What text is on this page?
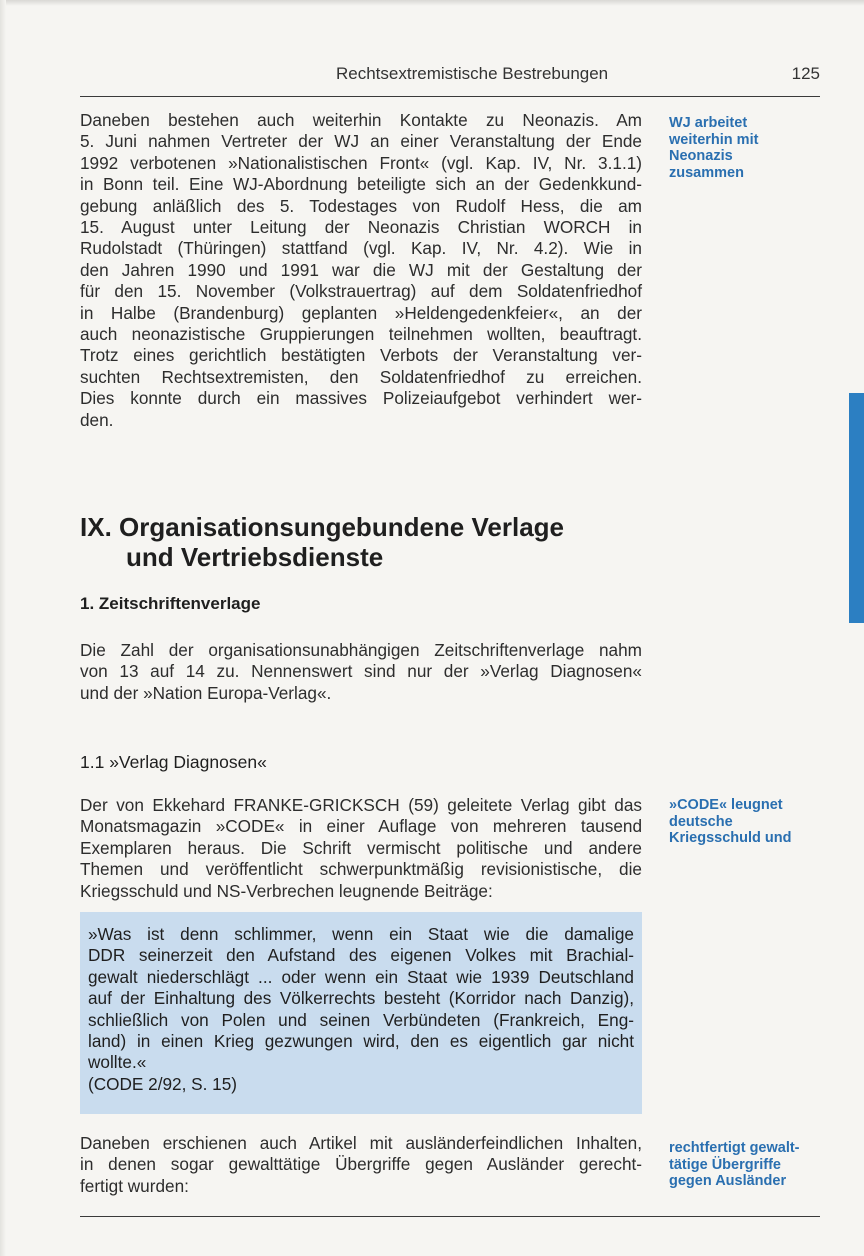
Rechtsextremistische Bestrebungen	125
Daneben bestehen auch weiterhin Kontakte zu Neonazis. Am
5. Juni nahmen Vertreter der WJ an einer Veranstaltung der Ende
1992 verbotenen »Nationalistischen Front« (vgl. Kap. IV, Nr. 3.1.1)
in Bonn teil. Eine WJ-Abordnung beteiligte sich an der Gedenkkund-
gebung anläßlich des 5. Todestages von Rudolf Hess, die am
15. August unter Leitung der Neonazis Christian WORCH in
Rudolstadt (Thüringen) stattfand (vgl. Kap. IV, Nr. 4.2). Wie in
den Jahren 1990 und 1991 war die WJ mit der Gestaltung der
für den 15. November (Volkstrauertrag) auf dem Soldatenfriedhof
in Halbe (Brandenburg) geplanten »Heldengedenkfeier«, an der
auch neonazistische Gruppierungen teilnehmen wollten, beauftragt.
Trotz eines gerichtlich bestätigten Verbots der Veranstaltung ver-
suchten Rechtsextremisten, den Soldatenfriedhof zu erreichen.
Dies konnte durch ein massives Polizeiaufgebot verhindert wer-
den.
WJ arbeitet
weiterhin mit
Neonazis
zusammen
IX. Organisationsungebundene Verlage
und Vertriebsdienste
1. Zeitschriftenverlage
Die Zahl der organisationsunabhängigen Zeitschriftenverlage nahm
von 13 auf 14 zu. Nennenswert sind nur der »Verlag Diagnosen«
und der »Nation Europa-Verlag«.
1.1 »Verlag Diagnosen«
Der von Ekkehard FRANKE-GRICKSCH (59) geleitete Verlag gibt das
Monatsmagazin »CODE« in einer Auflage von mehreren tausend
Exemplaren heraus. Die Schrift vermischt politische und andere
Themen und veröffentlicht schwerpunktmäßig revisionistische, die
Kriegsschuld und NS-Verbrechen leugnende Beiträge:
»CODE« leugnet
deutsche
Kriegsschuld und
»Was ist denn schlimmer, wenn ein Staat wie die damalige
DDR seinerzeit den Aufstand des eigenen Volkes mit Brachial-
gewalt niederschlägt ... oder wenn ein Staat wie 1939 Deutschland
auf der Einhaltung des Völkerrechts besteht (Korridor nach Danzig),
schließlich von Polen und seinen Verbündeten (Frankreich, Eng-
land) in einen Krieg gezwungen wird, den es eigentlich gar nicht
wollte.«
(CODE 2/92, S. 15)
Daneben erschienen auch Artikel mit ausländerfeindlichen Inhalten,
in denen sogar gewalttätige Übergriffe gegen Ausländer gerecht-
fertigt wurden:
rechtfertigt gewalt-
tätige Übergriffe
gegen Ausländer
